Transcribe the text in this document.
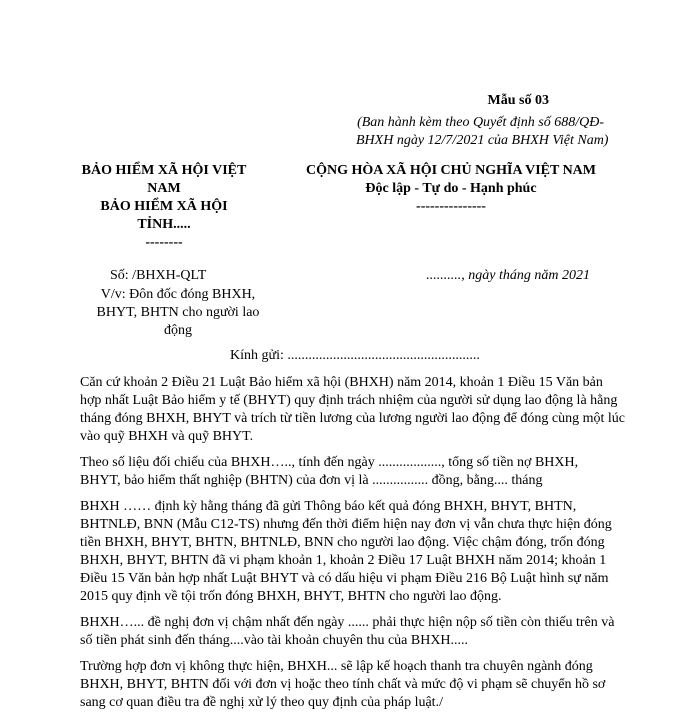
Mẫu số 03
(Ban hành kèm theo Quyết định số 688/QĐ-
BHXH ngày 12/7/2021 của BHXH Việt Nam)
BẢO HIỂM XÃ HỘI VIỆT
NAM
BẢO HIỂM XÃ HỘI
TỈNH.....
--------
CỘNG HÒA XÃ HỘI CHỦ NGHĨA VIỆT NAM
Độc lập - Tự do - Hạnh phúc
---------------
Số: /BHXH-QLT
V/v: Đôn đốc đóng BHXH,
BHYT, BHTN cho người lao
động
.........., ngày tháng năm 2021
Kính gửi: .......................................................
Căn cứ khoản 2 Điều 21 Luật Bảo hiểm xã hội (BHXH) năm 2014, khoản 1 Điều 15 Văn bản
hợp nhất Luật Bảo hiểm y tế (BHYT) quy định trách nhiệm của người sử dụng lao động là hằng
tháng đóng BHXH, BHYT và trích từ tiền lương của lương người lao động để đóng cùng một lúc
vào quỹ BHXH và quỹ BHYT.
Theo số liệu đối chiếu của BHXH….., tính đến ngày .................., tổng số tiền nợ BHXH,
BHYT, bảo hiểm thất nghiệp (BHTN) của đơn vị là ................ đồng, bằng.... tháng
BHXH …… định kỳ hằng tháng đã gửi Thông báo kết quả đóng BHXH, BHYT, BHTN,
BHTNLĐ, BNN (Mẫu C12-TS) nhưng đến thời điểm hiện nay đơn vị vẫn chưa thực hiện đóng
tiền BHXH, BHYT, BHTN, BHTNLĐ, BNN cho người lao động. Việc chậm đóng, trốn đóng
BHXH, BHYT, BHTN đã vi phạm khoản 1, khoản 2 Điều 17 Luật BHXH năm 2014; khoản 1
Điều 15 Văn bản hợp nhất Luật BHYT và có dấu hiệu vi phạm Điều 216 Bộ Luật hình sự năm
2015 quy định về tội trốn đóng BHXH, BHYT, BHTN cho người lao động.
BHXH…... đề nghị đơn vị chậm nhất đến ngày ...... phải thực hiện nộp số tiền còn thiếu trên và
số tiền phát sinh đến tháng....vào tài khoản chuyên thu của BHXH.....
Trường hợp đơn vị không thực hiện, BHXH... sẽ lập kế hoạch thanh tra chuyên ngành đóng
BHXH, BHYT, BHTN đối với đơn vị hoặc theo tính chất và mức độ vi phạm sẽ chuyển hồ sơ
sang cơ quan điều tra đề nghị xử lý theo quy định của pháp luật./
